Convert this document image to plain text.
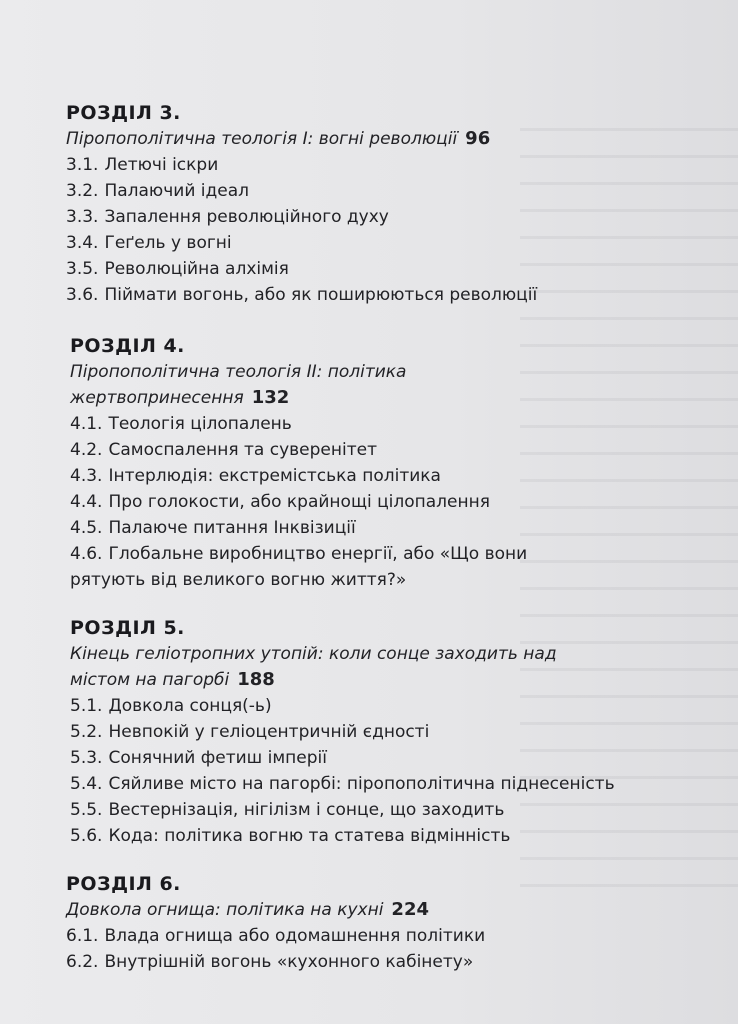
РОЗДІЛ 3.
Піропополітична теологія I: вогні революції 96
3.1. Летючі іскри
3.2. Палаючий ідеал
3.3. Запалення революційного духу
3.4. Геґель у вогні
3.5. Революційна алхімія
3.6. Піймати вогонь, або як поширюються революції
РОЗДІЛ 4.
Піропополітична теологія II: політика
жертвопринесення 132
4.1. Теологія цілопалень
4.2. Самоспалення та суверенітет
4.3. Інтерлюдія: екстремістська політика
4.4. Про голокости, або крайнощі цілопалення
4.5. Палаюче питання Інквізиції
4.6. Глобальне виробництво енергії, або «Що вони
рятують від великого вогню життя?»
РОЗДІЛ 5.
Кінець геліотропних утопій: коли сонце заходить над
містом на пагорбі 188
5.1. Довкола сонця(-ь)
5.2. Невпокій у геліоцентричній єдності
5.3. Сонячний фетиш імперії
5.4. Сяйливе місто на пагорбі: піропополітична піднесеність
5.5. Вестернізація, нігілізм і сонце, що заходить
5.6. Кода: політика вогню та статева відмінність
РОЗДІЛ 6.
Довкола огнища: політика на кухні 224
6.1. Влада огнища або одомашнення політики
6.2. Внутрішній вогонь «кухонного кабінету»
